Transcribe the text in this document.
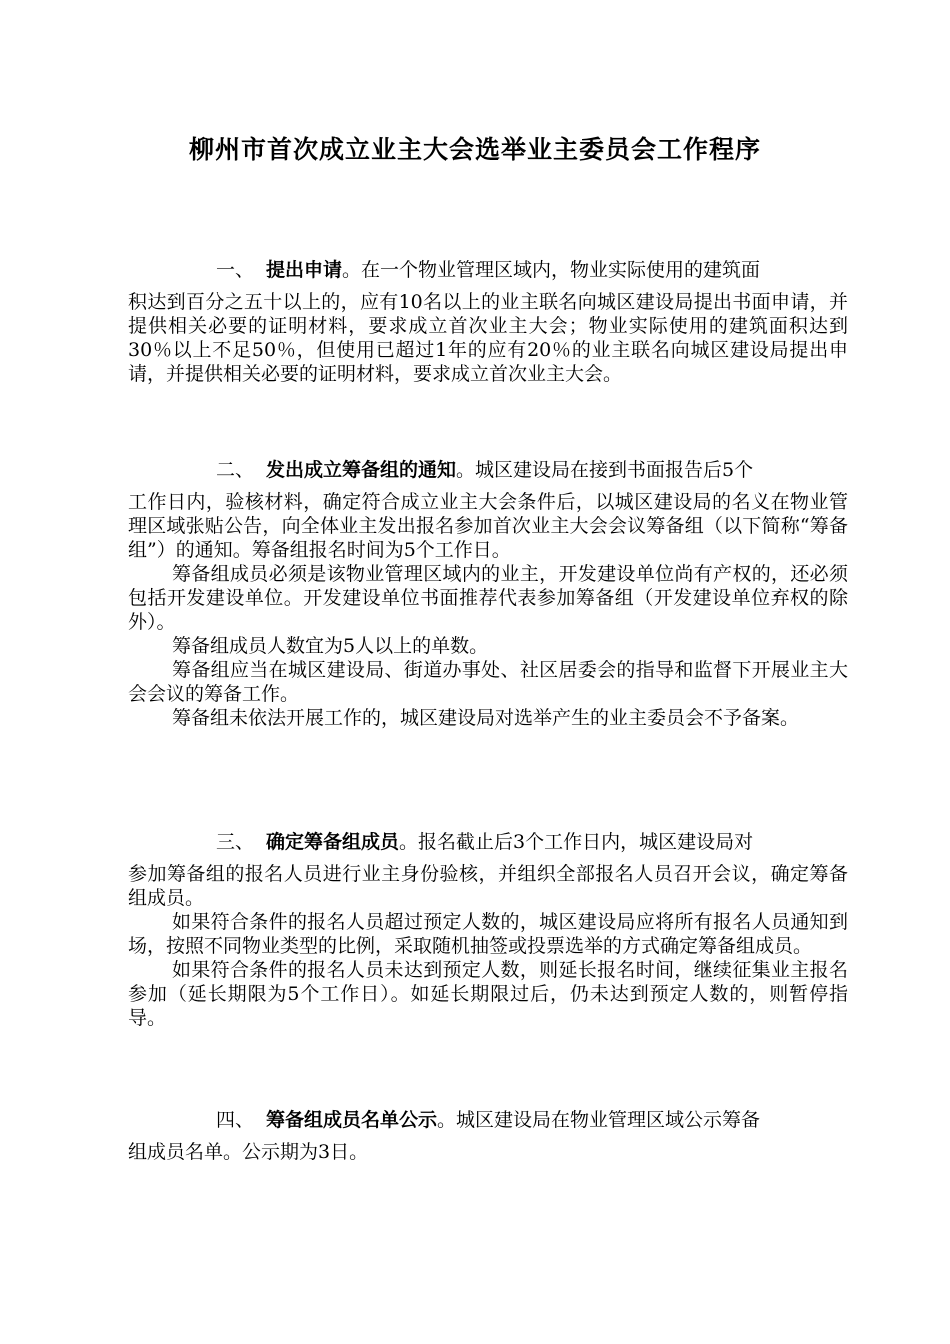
柳州市首次成立业主大会选举业主委员会工作程序
一、 提出申请。在一个物业管理区域内，物业实际使用的建筑面
积达到百分之五十以上的，应有10名以上的业主联名向城区建设局提出书面申请，并提供相关必要的证明材料，要求成立首次业主大会；物业实际使用的建筑面积达到30％以上不足50％，但使用已超过1年的应有20％的业主联名向城区建设局提出申请，并提供相关必要的证明材料，要求成立首次业主大会。
二、 发出成立筹备组的通知。城区建设局在接到书面报告后5个
工作日内，验核材料，确定符合成立业主大会条件后，以城区建设局的名义在物业管理区域张贴公告，向全体业主发出报名参加首次业主大会会议筹备组（以下简称“筹备组”）的通知。筹备组报名时间为5个工作日。
筹备组成员必须是该物业管理区域内的业主，开发建设单位尚有产权的，还必须包括开发建设单位。开发建设单位书面推荐代表参加筹备组（开发建设单位弃权的除外）。
筹备组成员人数宜为5人以上的单数。
筹备组应当在城区建设局、街道办事处、社区居委会的指导和监督下开展业主大会会议的筹备工作。
筹备组未依法开展工作的，城区建设局对选举产生的业主委员会不予备案。
三、 确定筹备组成员。报名截止后3个工作日内，城区建设局对
参加筹备组的报名人员进行业主身份验核，并组织全部报名人员召开会议，确定筹备组成员。
如果符合条件的报名人员超过预定人数的，城区建设局应将所有报名人员通知到场，按照不同物业类型的比例，采取随机抽签或投票选举的方式确定筹备组成员。
如果符合条件的报名人员未达到预定人数，则延长报名时间，继续征集业主报名参加（延长期限为5个工作日）。如延长期限过后，仍未达到预定人数的，则暂停指导。
四、 筹备组成员名单公示。城区建设局在物业管理区域公示筹备
组成员名单。公示期为3日。
